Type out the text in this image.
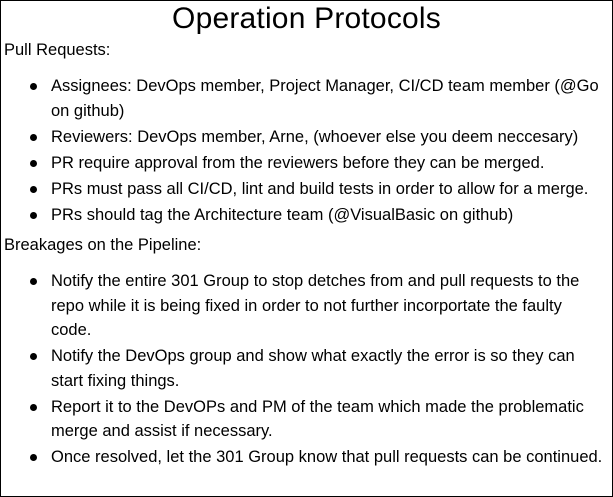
Operation Protocols
Pull Requests:
Assignees: DevOps member, Project Manager, CI/CD team member (@Go on github)
Reviewers: DevOps member, Arne, (whoever else you deem neccesary)
PR require approval from the reviewers before they can be merged.
PRs must pass all CI/CD, lint and build tests in order to allow for a merge.
PRs should tag the Architecture team (@VisualBasic on github)
Breakages on the Pipeline:
Notify the entire 301 Group to stop detches from and pull requests to the repo while it is being fixed in order to not further incorportate the faulty code.
Notify the DevOps group and show what exactly the error is so they can start fixing things.
Report it to the DevOPs and PM of the team which made the problematic merge and assist if necessary.
Once resolved, let the 301 Group know that pull requests can be continued.
